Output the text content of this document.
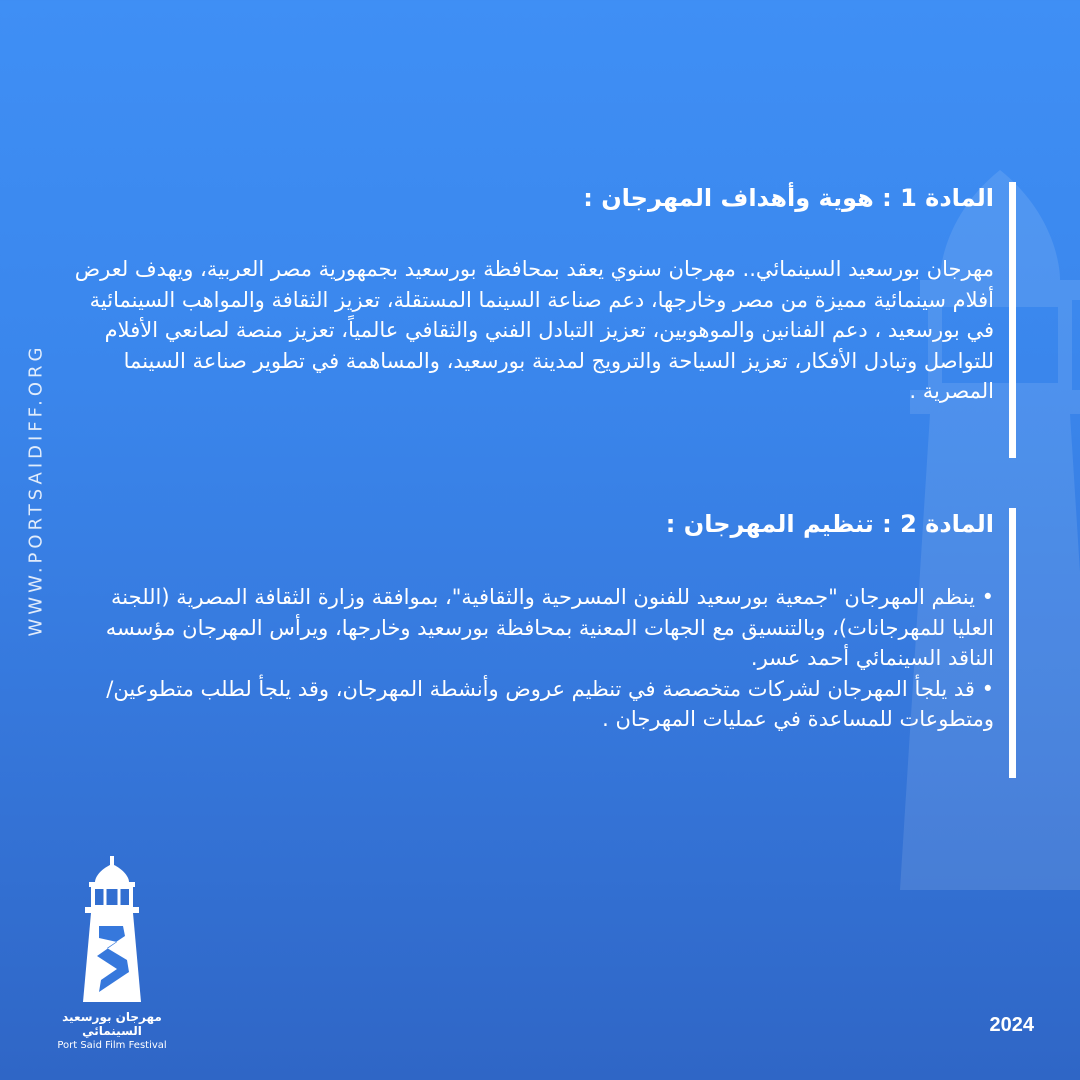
WWW.PORTSAIDIFF.ORG

المادة 1 : هوية وأهداف المهرجان :

مهرجان بورسعيد السينمائي.. مهرجان سنوي يعقد بمحافظة بورسعيد بجمهورية مصر العربية، ويهدف لعرض أفلام سينمائية مميزة من مصر وخارجها، دعم صناعة السينما المستقلة، تعزيز الثقافة والمواهب السينمائية في بورسعيد ، دعم الفنانين والموهوبين، تعزيز التبادل الفني والثقافي عالمياً، تعزيز منصة لصانعي الأفلام للتواصل وتبادل الأفكار، تعزيز السياحة والترويج لمدينة بورسعيد، والمساهمة في تطوير صناعة السينما المصرية .

المادة 2 : تنظيم المهرجان :

• ينظم المهرجان "جمعية بورسعيد للفنون المسرحية والثقافية"، بموافقة وزارة الثقافة المصرية (اللجنة العليا للمهرجانات)، وبالتنسيق مع الجهات المعنية بمحافظة بورسعيد وخارجها، ويرأس المهرجان مؤسسه الناقد السينمائي أحمد عسر.
• قد يلجأ المهرجان لشركات متخصصة في تنظيم عروض وأنشطة المهرجان، وقد يلجأ لطلب متطوعين/ومتطوعات للمساعدة في عمليات المهرجان .
مهرجان بورسعيد السينمائي
Port Said Film Festival
2024
